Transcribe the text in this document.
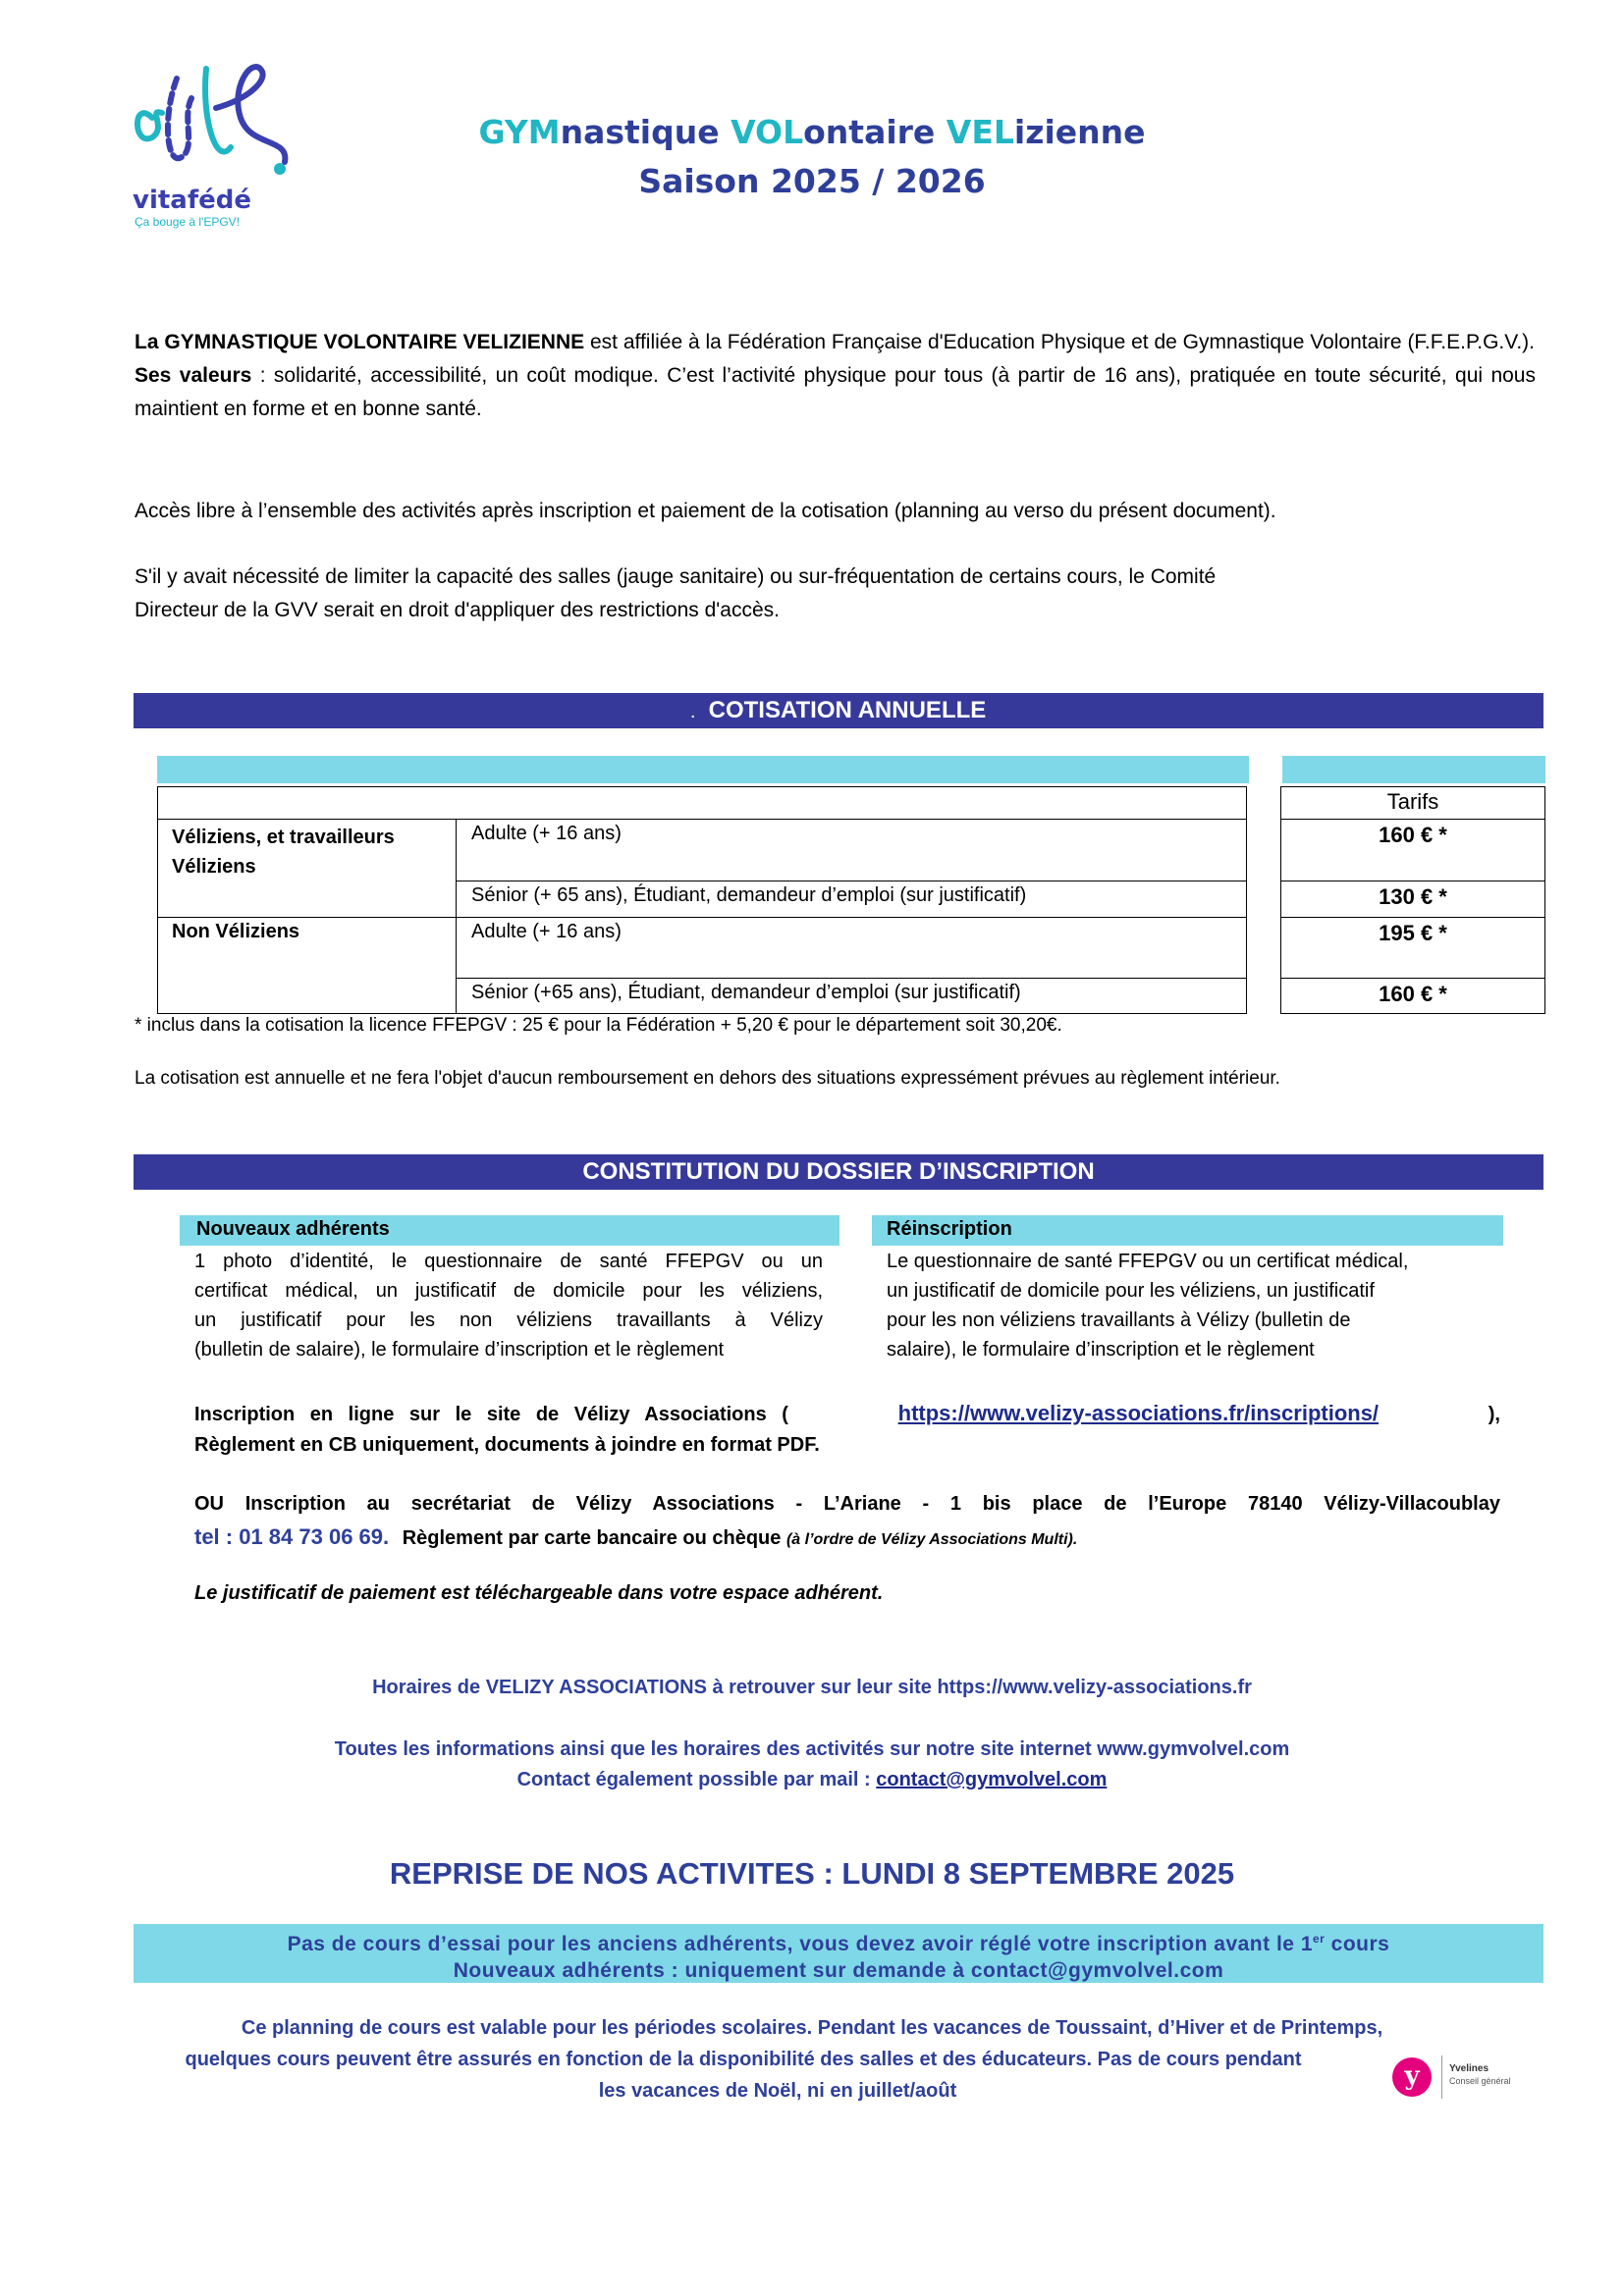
vitafédé
Ça bouge à l'EPGV!
GYMnastique VOLontaire VELizienne
Saison 2025 / 2026
La GYMNASTIQUE VOLONTAIRE VELIZIENNE est affiliée à la Fédération Française d'Education Physique et de Gymnastique Volontaire (F.F.E.P.G.V.).
Ses valeurs : solidarité, accessibilité, un coût modique. C’est l’activité physique pour tous (à partir de 16 ans), pratiquée en toute sécurité, qui nous maintient en forme et en bonne santé.
Accès libre à l’ensemble des activités après inscription et paiement de la cotisation (planning au verso du présent document).
S'il y avait nécessité de limiter la capacité des salles (jauge sanitaire) ou sur-fréquentation de certains cours, le Comité
Directeur de la GVV serait en droit d'appliquer des restrictions d'accès.
. COTISATION ANNUELLE
Tarifs
Véliziens, et travailleurs Véliziens
Adulte (+ 16 ans)	160 € *
Sénior (+ 65 ans), Étudiant, demandeur d’emploi (sur justificatif)	130 € *
Non Véliziens	Adulte (+ 16 ans)	195 € *
Sénior (+65 ans), Étudiant, demandeur d’emploi (sur justificatif)	160 € *
* inclus dans la cotisation la licence FFEPGV : 25 € pour la Fédération + 5,20 € pour le département soit 30,20€.
La cotisation est annuelle et ne fera l'objet d'aucun remboursement en dehors des situations expressément prévues au règlement intérieur.
CONSTITUTION DU DOSSIER D’INSCRIPTION
Nouveaux adhérents	Réinscription
1 photo d’identité, le questionnaire de santé FFEPGV ou un
certificat médical, un justificatif de domicile pour les véliziens,
un justificatif pour les non véliziens travaillants à Vélizy
(bulletin de salaire), le formulaire d’inscription et le règlement
Le questionnaire de santé FFEPGV ou un certificat médical,
un justificatif de domicile pour les véliziens, un justificatif
pour les non véliziens travaillants à Vélizy (bulletin de
salaire), le formulaire d’inscription et le règlement
Inscription en ligne sur le site de Vélizy Associations (	https://www.velizy-associations.fr/inscriptions/	),
Règlement en CB uniquement, documents à joindre en format PDF.
OU Inscription au secrétariat de Vélizy Associations - L’Ariane - 1 bis place de l’Europe 78140 Vélizy-Villacoublay
tel : 01 84 73 06 69. Règlement par carte bancaire ou chèque (à l’ordre de Vélizy Associations Multi).
Le justificatif de paiement est téléchargeable dans votre espace adhérent.
Horaires de VELIZY ASSOCIATIONS à retrouver sur leur site https://www.velizy-associations.fr
Toutes les informations ainsi que les horaires des activités sur notre site internet www.gymvolvel.com
Contact également possible par mail : contact@gymvolvel.com
REPRISE DE NOS ACTIVITES : LUNDI 8 SEPTEMBRE 2025
Pas de cours d’essai pour les anciens adhérents, vous devez avoir réglé votre inscription avant le 1er cours
Nouveaux adhérents : uniquement sur demande à contact@gymvolvel.com
Ce planning de cours est valable pour les périodes scolaires. Pendant les vacances de Toussaint, d’Hiver et de Printemps,
quelques cours peuvent être assurés en fonction de la disponibilité des salles et des éducateurs. Pas de cours pendant
les vacances de Noël, ni en juillet/août	y	Yvelines
Conseil général
